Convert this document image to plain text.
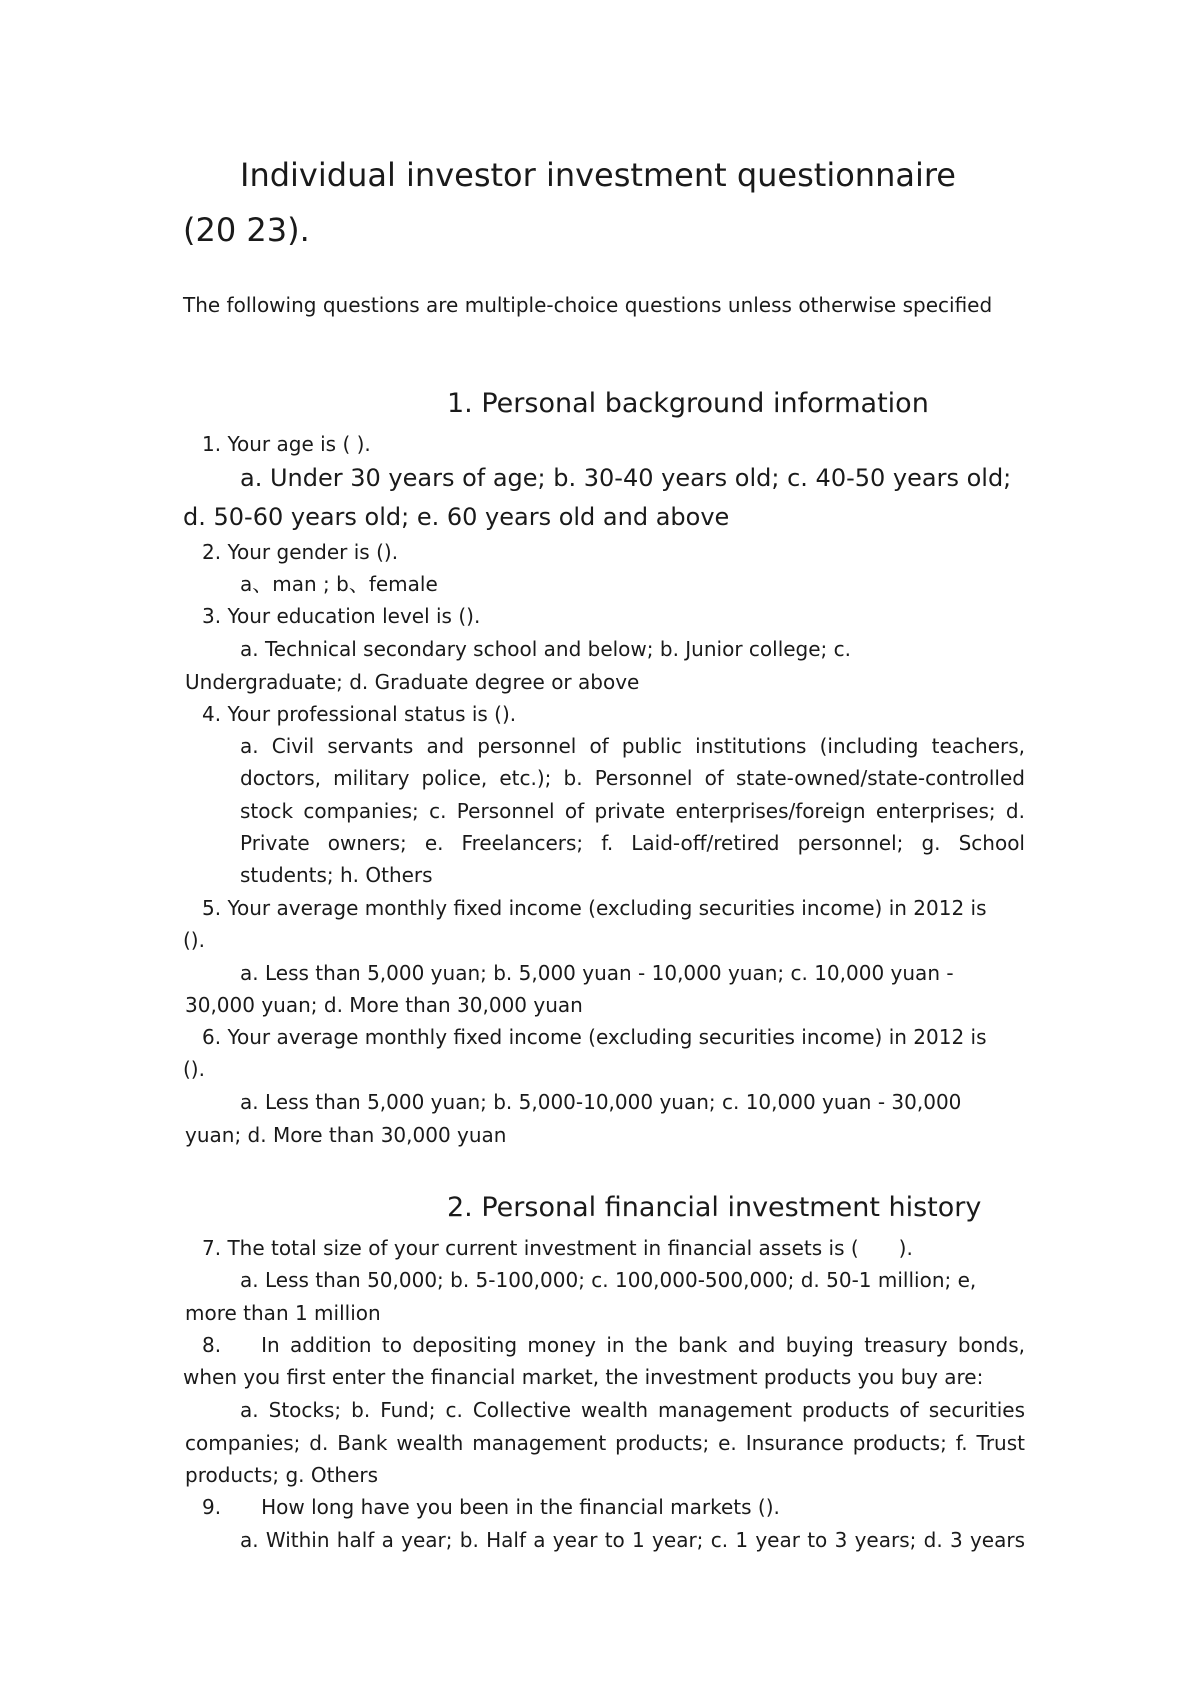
Individual investor investment questionnaire
(20 23).
The following questions are multiple-choice questions unless otherwise specified
1. Personal background information
1. Your age is ( ).
a. Under 30 years of age; b. 30-40 years old; c. 40-50 years old;
d. 50-60 years old; e. 60 years old and above
2. Your gender is ().
a、man ; b、female
3. Your education level is ().
a. Technical secondary school and below; b. Junior college; c.
Undergraduate; d. Graduate degree or above
4. Your professional status is ().
a. Civil servants and personnel of public institutions (including teachers,
doctors, military police, etc.); b. Personnel of state-owned/state-controlled
stock companies; c. Personnel of private enterprises/foreign enterprises; d.
Private owners; e. Freelancers; f. Laid-off/retired personnel; g. School
students; h. Others
5. Your average monthly fixed income (excluding securities income) in 2012 is
().
a. Less than 5,000 yuan; b. 5,000 yuan - 10,000 yuan; c. 10,000 yuan -
30,000 yuan; d. More than 30,000 yuan
6. Your average monthly fixed income (excluding securities income) in 2012 is
().
a. Less than 5,000 yuan; b. 5,000-10,000 yuan; c. 10,000 yuan - 30,000
yuan; d. More than 30,000 yuan
2. Personal financial investment history
7. The total size of your current investment in financial assets is (  ).
a. Less than 50,000; b. 5-100,000; c. 100,000-500,000; d. 50-1 million; e,
more than 1 million
8.  In addition to depositing money in the bank and buying treasury bonds,
when you first enter the financial market, the investment products you buy are:
a. Stocks; b. Fund; c. Collective wealth management products of securities
companies; d. Bank wealth management products; e. Insurance products; f. Trust
products; g. Others
9.  How long have you been in the financial markets ().
a. Within half a year; b. Half a year to 1 year; c. 1 year to 3 years; d. 3 years
